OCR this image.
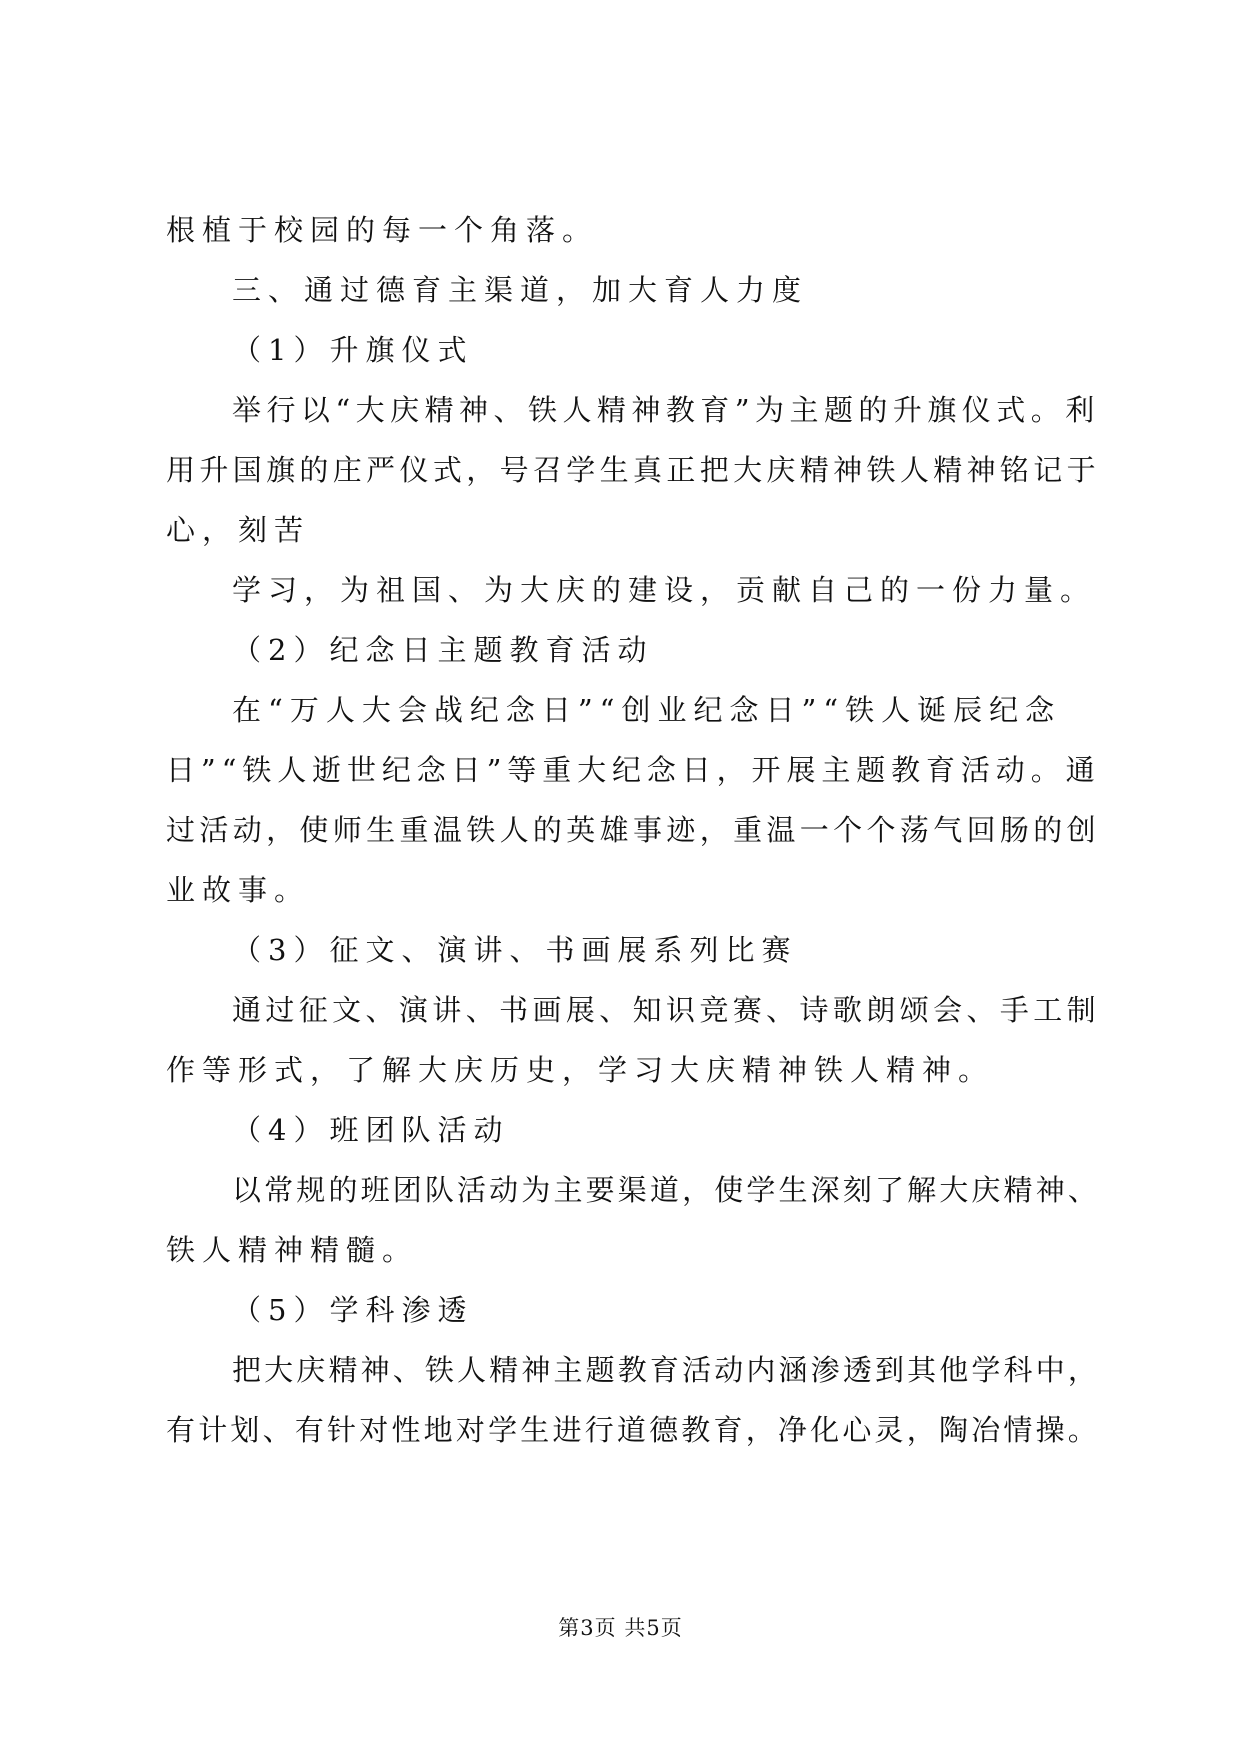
根植于校园的每一个角落。
三、通过德育主渠道，加大育人力度
（1）升旗仪式
举行以“大庆精神、铁人精神教育”为主题的升旗仪式。利
用升国旗的庄严仪式，号召学生真正把大庆精神铁人精神铭记于
心，刻苦
学习，为祖国、为大庆的建设，贡献自己的一份力量。
（2）纪念日主题教育活动
在“万人大会战纪念日”“创业纪念日”“铁人诞辰纪念
日”“铁人逝世纪念日”等重大纪念日，开展主题教育活动。通
过活动，使师生重温铁人的英雄事迹，重温一个个荡气回肠的创
业故事。
（3）征文、演讲、书画展系列比赛
通过征文、演讲、书画展、知识竞赛、诗歌朗颂会、手工制
作等形式，了解大庆历史，学习大庆精神铁人精神。
（4）班团队活动
以常规的班团队活动为主要渠道，使学生深刻了解大庆精神、
铁人精神精髓。
（5）学科渗透
把大庆精神、铁人精神主题教育活动内涵渗透到其他学科中，
有计划、有针对性地对学生进行道德教育，净化心灵，陶冶情操。
第3页 共5页
